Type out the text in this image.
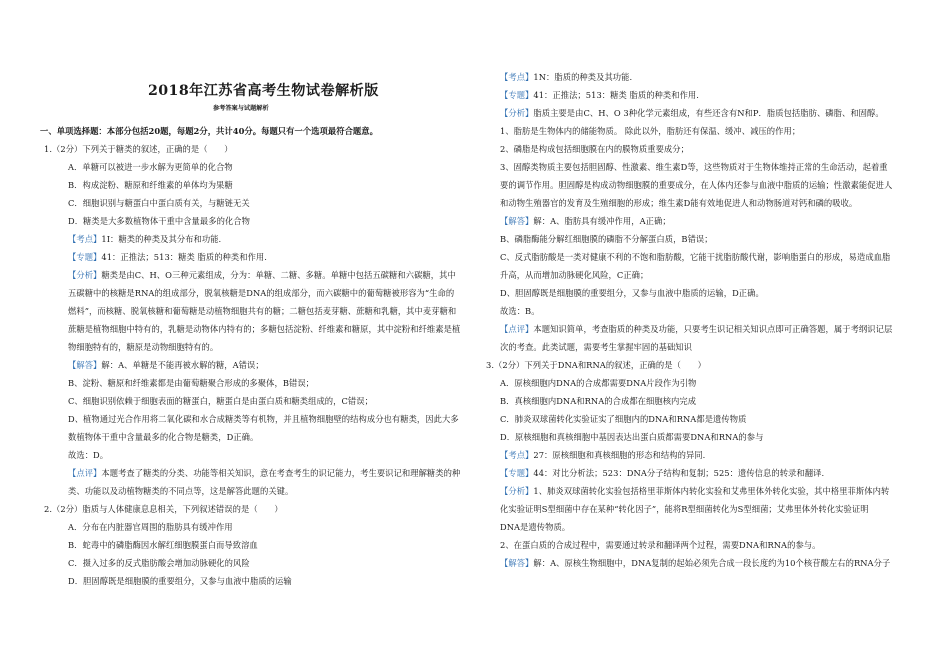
2018年江苏省高考生物试卷解析版
参考答案与试题解析
一、单项选择题：本部分包括20题，每题2分，共计40分。每题只有一个选项最符合题意。
1.（2分）下列关于糖类的叙述，正确的是（　　）
A．单糖可以被进一步水解为更简单的化合物
B．构成淀粉、糖原和纤维素的单体均为果糖
C．细胞识别与糖蛋白中蛋白质有关，与糖链无关
D．糖类是大多数植物体干重中含量最多的化合物
【考点】1I：糖类的种类及其分布和功能.
【专题】41：正推法；513：糖类 脂质的种类和作用.
【分析】糖类是由C、H、O三种元素组成，分为：单糖、二糖、多糖。单糖中包括五碳糖和六碳糖，其中
五碳糖中的核糖是RNA的组成部分，脱氧核糖是DNA的组成部分，而六碳糖中的葡萄糖被形容为“生命的
燃料”，而核糖、脱氧核糖和葡萄糖是动植物细胞共有的糖；二糖包括麦芽糖、蔗糖和乳糖，其中麦芽糖和
蔗糖是植物细胞中特有的，乳糖是动物体内特有的；多糖包括淀粉、纤维素和糖原，其中淀粉和纤维素是植
物细胞特有的，糖原是动物细胞特有的。
【解答】解：A、单糖是不能再被水解的糖，A错误；
B、淀粉、糖原和纤维素都是由葡萄糖聚合形成的多聚体，B错误；
C、细胞识别依赖于细胞表面的糖蛋白，糖蛋白是由蛋白质和糖类组成的，C错误；
D、植物通过光合作用将二氧化碳和水合成糖类等有机物，并且植物细胞壁的结构成分也有糖类，因此大多
数植物体干重中含量最多的化合物是糖类，D正确。
故选：D。
【点评】本题考查了糖类的分类、功能等相关知识，意在考查考生的识记能力，考生要识记和理解糖类的种
类、功能以及动植物糖类的不同点等，这是解答此题的关键。
2.（2分）脂质与人体健康息息相关，下列叙述错误的是（　　）
A．分布在内脏器官周围的脂肪具有缓冲作用
B．蛇毒中的磷脂酶因水解红细胞膜蛋白而导致溶血
C．摄入过多的反式脂肪酸会增加动脉硬化的风险
D．胆固醇既是细胞膜的重要组分，又参与血液中脂质的运输
【考点】1N：脂质的种类及其功能.
【专题】41：正推法；513：糖类 脂质的种类和作用.
【分析】脂质主要是由C、H、O 3种化学元素组成，有些还含有N和P．脂质包括脂肪、磷脂、和固醇。
1、脂肪是生物体内的储能物质。 除此以外，脂肪还有保温、缓冲、减压的作用；
2、磷脂是构成包括细胞膜在内的膜物质重要成分；
3、固醇类物质主要包括胆固醇、性激素、维生素D等，这些物质对于生物体维持正常的生命活动，起着重
要的调节作用。胆固醇是构成动物细胞膜的重要成分，在人体内还参与血液中脂质的运输；性激素能促进人
和动物生殖器官的发育及生殖细胞的形成；维生素D能有效地促进人和动物肠道对钙和磷的吸收。
【解答】解：A、脂肪具有缓冲作用，A正确；
B、磷脂酶能分解红细胞膜的磷脂不分解蛋白质，B错误；
C、反式脂肪酸是一类对健康不利的不饱和脂肪酸，它能干扰脂肪酸代谢，影响脂蛋白的形成，易造成血脂
升高，从而增加动脉硬化风险，C正确；
D、胆固醇既是细胞膜的重要组分，又参与血液中脂质的运输，D正确。
故选：B。
【点评】本题知识简单，考查脂质的种类及功能，只要考生识记相关知识点即可正确答题，属于考纲识记层
次的考查。此类试题，需要考生掌握牢固的基础知识
3.（2分）下列关于DNA和RNA的叙述，正确的是（　　）
A．原核细胞内DNA的合成都需要DNA片段作为引物
B．真核细胞内DNA和RNA的合成都在细胞核内完成
C．肺炎双球菌转化实验证实了细胞内的DNA和RNA都是遗传物质
D．原核细胞和真核细胞中基因表达出蛋白质都需要DNA和RNA的参与
【考点】27：原核细胞和真核细胞的形态和结构的异同.
【专题】44：对比分析法；523：DNA分子结构和复制；525：遗传信息的转录和翻译.
【分析】1、肺炎双球菌转化实验包括格里菲斯体内转化实验和艾弗里体外转化实验，其中格里菲斯体内转
化实验证明S型细菌中存在某种“转化因子”，能将R型细菌转化为S型细菌；艾弗里体外转化实验证明
DNA是遗传物质。
2、在蛋白质的合成过程中，需要通过转录和翻译两个过程，需要DNA和RNA的参与。
【解答】解：A、原核生物细胞中，DNA复制的起始必须先合成一段长度约为10个核苷酸左右的RNA分子
